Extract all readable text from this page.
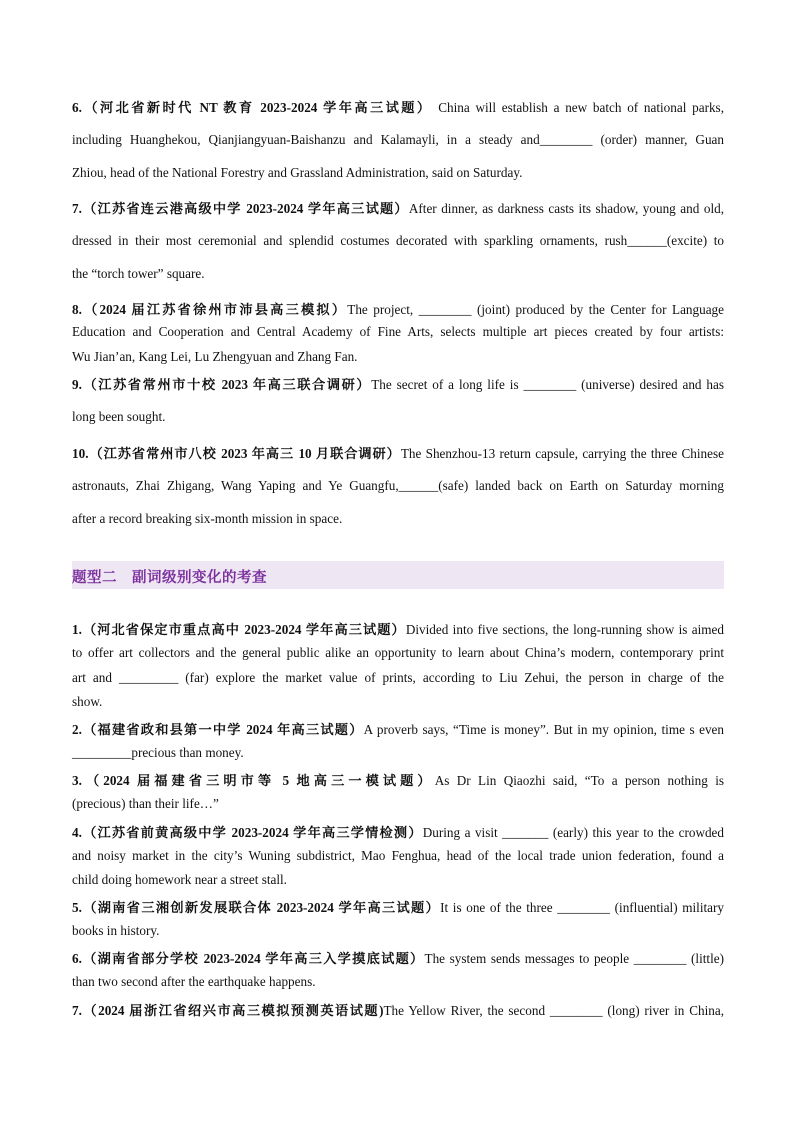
6.（河北省新时代 NT 教育 2023-2024 学年高三试题） China will establish a new batch of national parks,
including Huanghekou, Qianjiangyuan-Baishanzu and Kalamayli, in a steady and________ (order) manner, Guan
Zhiou, head of the National Forestry and Grassland Administration, said on Saturday.
7.（江苏省连云港高级中学 2023-2024 学年高三试题）After dinner, as darkness casts its shadow, young and old,
dressed in their most ceremonial and splendid costumes decorated with sparkling ornaments, rush______(excite) to
the “torch tower” square.
8.（2024 届江苏省徐州市沛县高三模拟）The project, ________ (joint) produced by the Center for Language
Education and Cooperation and Central Academy of Fine Arts, selects multiple art pieces created by four artists:
Wu Jian’an, Kang Lei, Lu Zhengyuan and Zhang Fan.
9.（江苏省常州市十校 2023 年高三联合调研）The secret of a long life is ________ (universe) desired and has
long been sought.
10.（江苏省常州市八校 2023 年高三 10 月联合调研）The Shenzhou-13 return capsule, carrying the three Chinese
astronauts, Zhai Zhigang, Wang Yaping and Ye Guangfu,______(safe) landed back on Earth on Saturday morning
after a record breaking six-month mission in space.
题型二　副词级别变化的考查
1.（河北省保定市重点高中 2023-2024 学年高三试题）Divided into five sections, the long-running show is aimed
to offer art collectors and the general public alike an opportunity to learn about China’s modern, contemporary print
art and _________ (far) explore the market value of prints, according to Liu Zehui, the person in charge of the
show.
2.（福建省政和县第一中学 2024 年高三试题）A proverb says, “Time is money”. But in my opinion, time s even
_________precious than money.
3.（2024 届福建省三明市等 5 地高三一模试题）As Dr Lin Qiaozhi said, “To a person nothing is
(precious) than their life…”
4.（江苏省前黄高级中学 2023-2024 学年高三学情检测）During a visit _______ (early) this year to the crowded
and noisy market in the city’s Wuning subdistrict, Mao Fenghua, head of the local trade union federation, found a
child doing homework near a street stall.
5.（湖南省三湘创新发展联合体 2023-2024 学年高三试题）It is one of the three ________ (influential) military
books in history.
6.（湖南省部分学校 2023-2024 学年高三入学摸底试题）The system sends messages to people ________ (little)
than two second after the earthquake happens.
7.（2024 届浙江省绍兴市高三模拟预测英语试题)The Yellow River, the second ________ (long) river in China,
